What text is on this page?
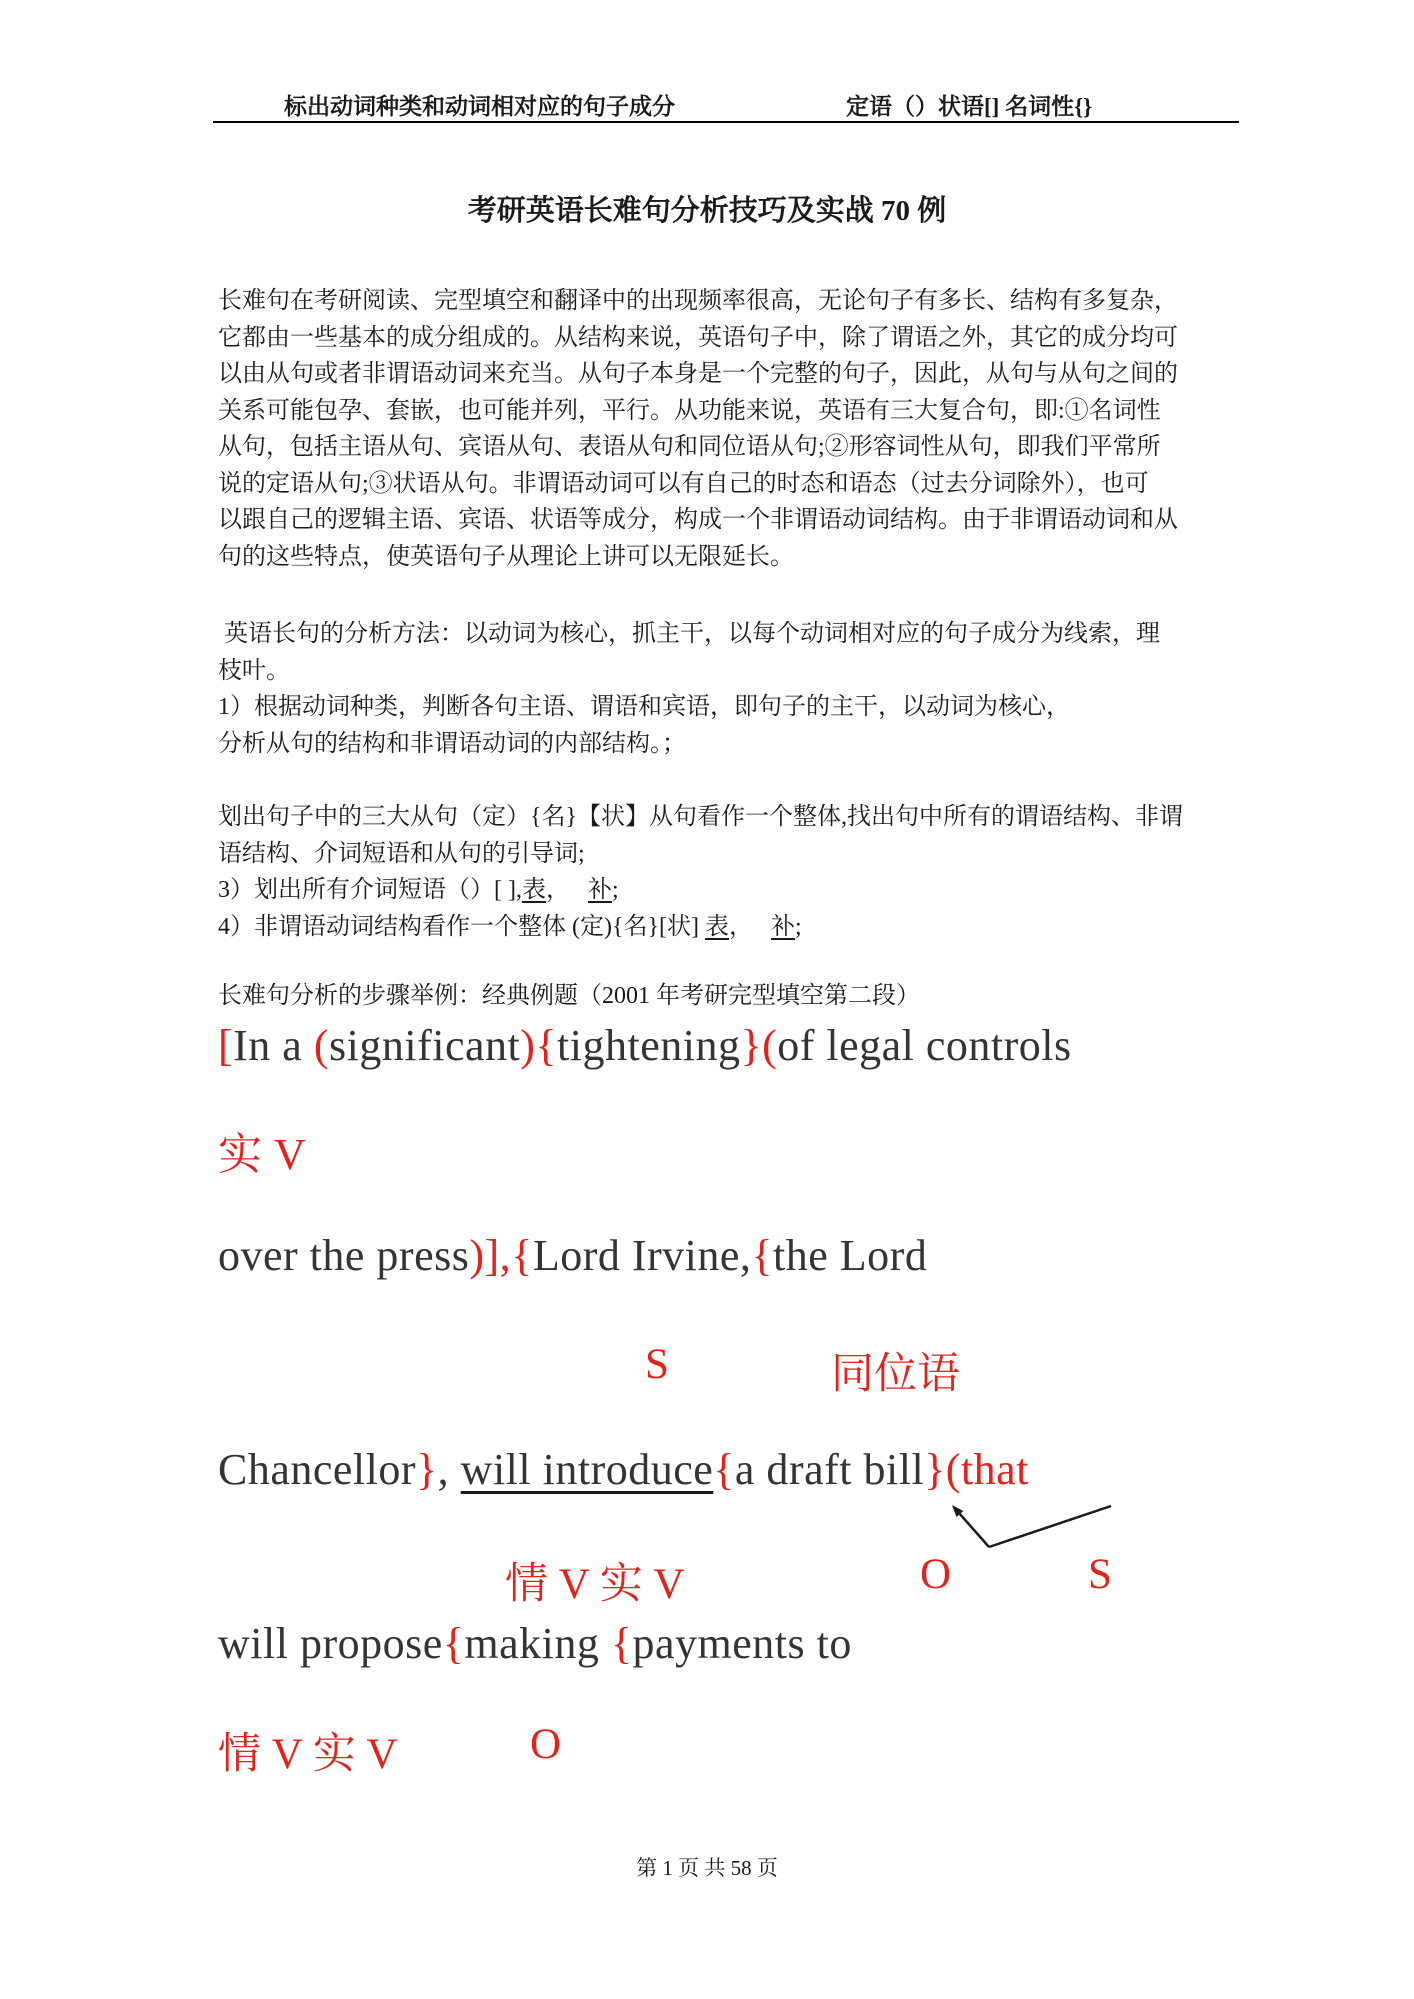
标出动词种类和动词相对应的句子成分	定语（）状语[] 名词性{}
考研英语长难句分析技巧及实战 70 例
长难句在考研阅读、完型填空和翻译中的出现频率很高，无论句子有多长、结构有多复杂，
它都由一些基本的成分组成的。从结构来说，英语句子中，除了谓语之外，其它的成分均可
以由从句或者非谓语动词来充当。从句子本身是一个完整的句子，因此，从句与从句之间的
关系可能包孕、套嵌，也可能并列，平行。从功能来说，英语有三大复合句，即:①名词性
从句，包括主语从句、宾语从句、表语从句和同位语从句;②形容词性从句，即我们平常所
说的定语从句;③状语从句。非谓语动词可以有自己的时态和语态（过去分词除外），也可
以跟自己的逻辑主语、宾语、状语等成分，构成一个非谓语动词结构。由于非谓语动词和从
句的这些特点，使英语句子从理论上讲可以无限延长。
英语长句的分析方法：以动词为核心，抓主干，以每个动词相对应的句子成分为线索，理
枝叶。
1）根据动词种类，判断各句主语、谓语和宾语，即句子的主干，以动词为核心，
分析从句的结构和非谓语动词的内部结构。；
划出句子中的三大从句（定）{名}【状】从句看作一个整体,找出句中所有的谓语结构、非谓
语结构、介词短语和从句的引导词;
3）划出所有介词短语（）[ ],表，   补;
4）非谓语动词结构看作一个整体 (定){名}[状] 表，   补;
长难句分析的步骤举例：经典例题（2001 年考研完型填空第二段）
[In a (significant){tightening}(of legal controls
实 V
over the press)],{Lord Irvine,{the Lord
S	同位语
Chancellor}, will introduce{a draft bill}(that
情 V 实 V	O	S
will propose{making {payments to
情 V 实 V	O
第 1 页 共 58 页
